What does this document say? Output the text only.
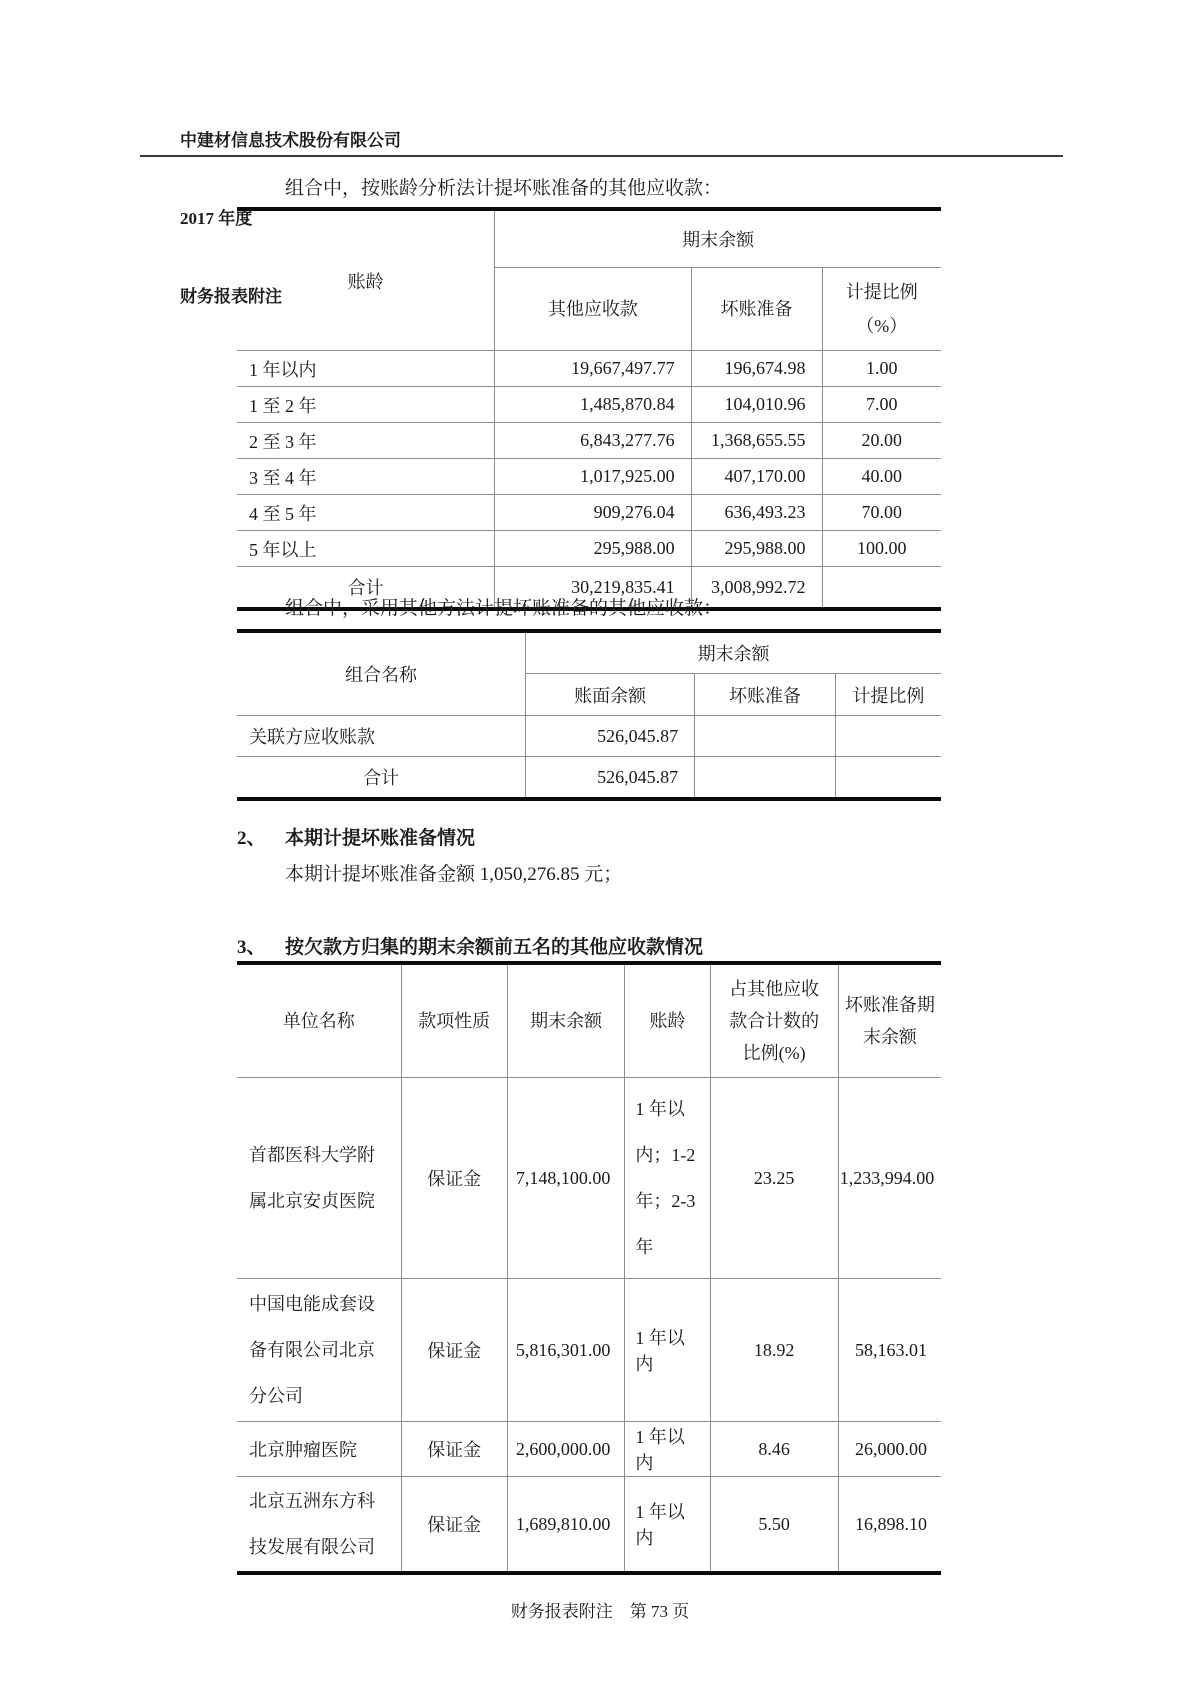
中建材信息技术股份有限公司

2017 年度

财务报表附注

组合中，按账龄分析法计提坏账准备的其他应收款：
账龄	期末余额		
	其他应收款	坏账准备	计提比例
（%）
1 年以内	19,667,497.77	196,674.98	1.00
1 至 2 年	1,485,870.84	104,010.96	7.00
2 至 3 年	6,843,277.76	1,368,655.55	20.00
3 至 4 年	1,017,925.00	407,170.00	40.00
4 至 5 年	909,276.04	636,493.23	70.00
5 年以上	295,988.00	295,988.00	100.00
合计	30,219,835.41	3,008,992.72	
组合中，采用其他方法计提坏账准备的其他应收款：
组合名称	期末余额		
	账面余额	坏账准备	计提比例
关联方应收账款	526,045.87		
合计	526,045.87		
2、 本期计提坏账准备情况
本期计提坏账准备金额 1,050,276.85 元；
3、 按欠款方归集的期末余额前五名的其他应收款情况
单位名称	款项性质	期末余额	账龄	占其他应收款合计数的比例(%)	坏账准备期末余额
首都医科大学附属北京安贞医院	保证金	7,148,100.00	1 年以内；1-2 年；2-3 年	23.25	1,233,994.00
中国电能成套设备有限公司北京分公司	保证金	5,816,301.00	1 年以内	18.92	58,163.01
北京肿瘤医院	保证金	2,600,000.00	1 年以内	8.46	26,000.00
北京五洲东方科技发展有限公司	保证金	1,689,810.00	1 年以内	5.50	16,898.10
财务报表附注　第 73 页
